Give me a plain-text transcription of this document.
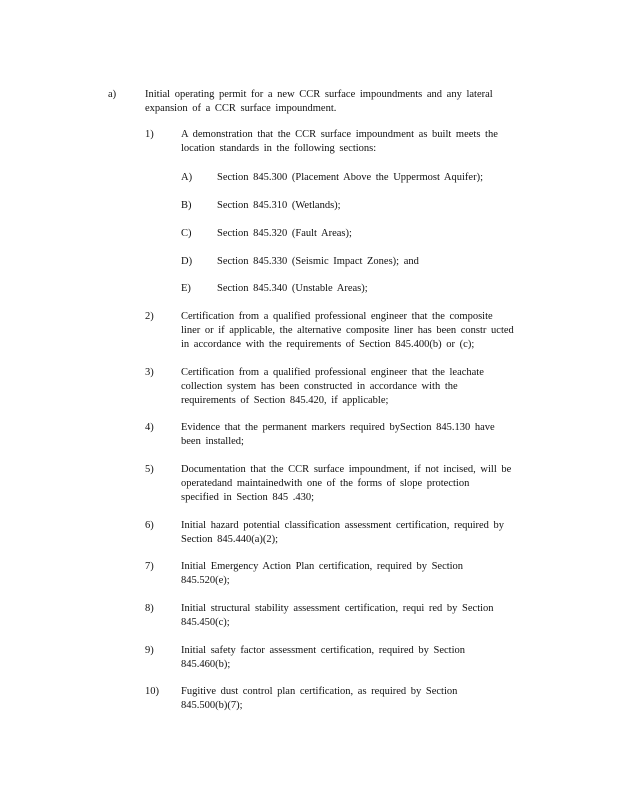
a)	Initial operating permit for a new CCR surface impoundments and any lateral
expansion of a CCR surface impoundment.
1)	A demonstration that the CCR surface impoundment as built meets the
location standards in the following sections:
A) Section 845.300 (Placement Above the Uppermost Aquifer);
B) Section 845.310 (Wetlands);
C) Section 845.320 (Fault Areas);
D) Section 845.330 (Seismic Impact Zones); and
E) Section 845.340 (Unstable Areas);
2)	Certification from a qualified professional engineer that the composite
liner or if applicable, the alternative composite liner has been constr ucted
in accordance with the requirements of Section 845.400(b) or (c);
3)	Certification from a qualified professional engineer that the leachate
collection system has been constructed in accordance with the
requirements of Section 845.420, if applicable;
4)	Evidence that the permanent markers required bySection 845.130 have
been installed;
5)	Documentation that the CCR surface impoundment, if not incised, will be
operatedand maintainedwith one of the forms of slope protection
specified in Section 845 .430;
6)	Initial hazard potential classification assessment certification, required by
Section 845.440(a)(2);
7)	Initial Emergency Action Plan certification, required by Section
845.520(e);
8)	Initial structural stability assessment certification, requi red by Section
845.450(c);
9)	Initial safety factor assessment certification, required by Section
845.460(b);
10) Fugitive dust control plan certification, as required by Section
845.500(b)(7);
